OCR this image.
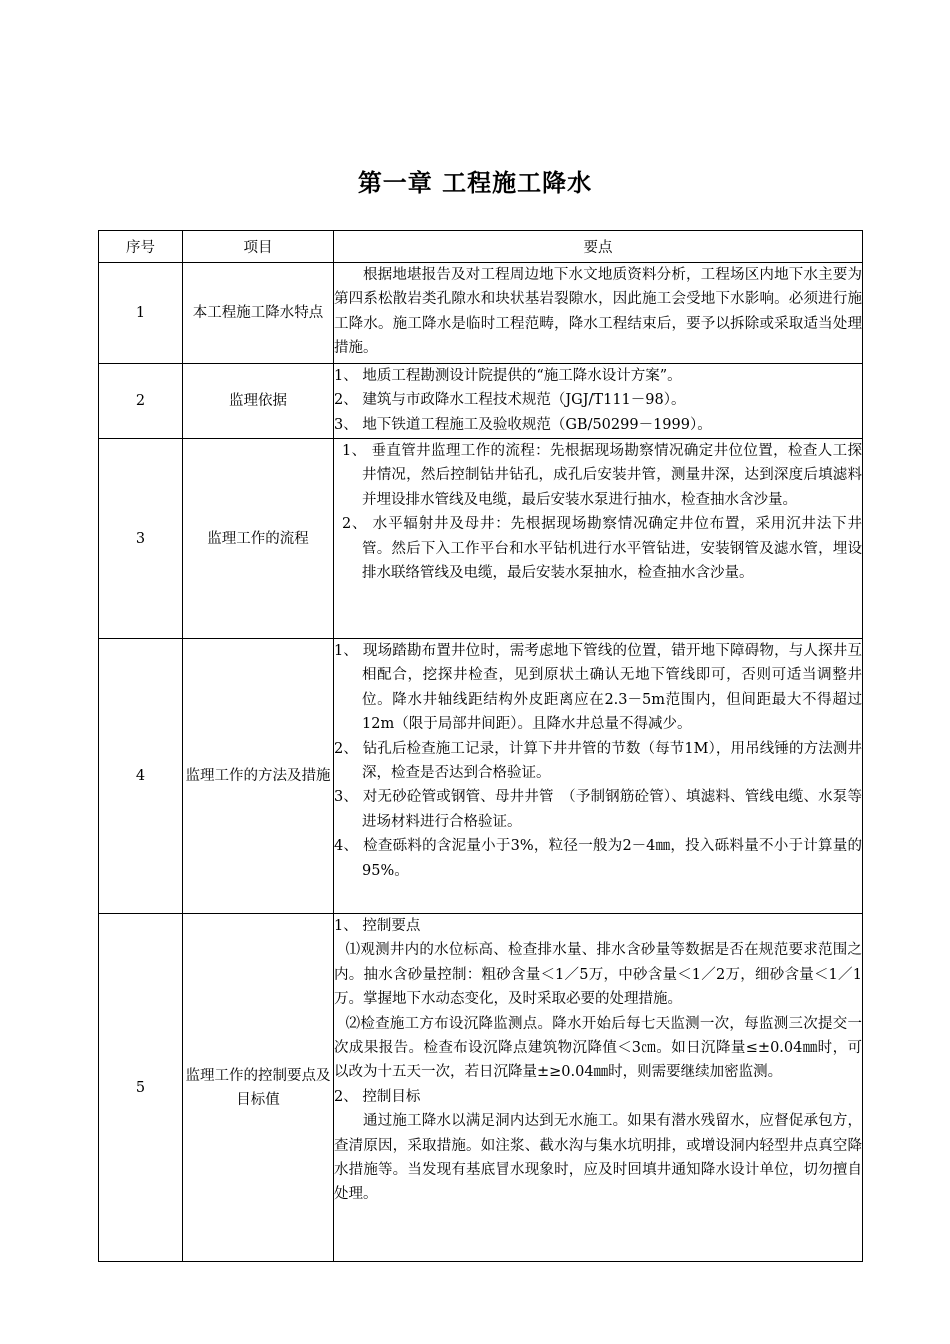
第一章 工程施工降水
序号	项目	要点
1	本工程施工降水特点	根据地堪报告及对工程周边地下水文地质资料分析，工程场区内地下水主要为第四系松散岩类孔隙水和块状基岩裂隙水，因此施工会受地下水影响。必须进行施工降水。施工降水是临时工程范畴，降水工程结束后，要予以拆除或采取适当处理措施。

2	监理依据	1、 地质工程勘测设计院提供的“施工降水设计方案”。

2、 建筑与市政降水工程技术规范（JGJ/T111－98）。

3、 地下铁道工程施工及验收规范（GB/50299－1999）。

3	监理工作的流程	1、 垂直管井监理工作的流程：先根据现场勘察情况确定井位位置，检查人工探井情况，然后控制钻井钻孔，成孔后安装井管，测量井深，达到深度后填滤料并埋设排水管线及电缆，最后安装水泵进行抽水，检查抽水含沙量。

2、 水平辐射井及母井：先根据现场勘察情况确定井位布置，采用沉井法下井管。然后下入工作平台和水平钻机进行水平管钻进，安装钢管及滤水管，埋设排水联络管线及电缆，最后安装水泵抽水，检查抽水含沙量。

4	监理工作的方法及措施	1、 现场踏勘布置井位时，需考虑地下管线的位置，错开地下障碍物，与人探井互相配合，挖探井检查，见到原状土确认无地下管线即可，否则可适当调整井位。降水井轴线距结构外皮距离应在2.3－5m范围内，但间距最大不得超过12m（限于局部井间距）。且降水井总量不得减少。

2、 钻孔后检查施工记录，计算下井井管的节数（每节1M），用吊线锤的方法测井深，检查是否达到合格验证。

3、 对无砂砼管或钢管、母井井管　（予制钢筋砼管）、填滤料、管线电缆、水泵等进场材料进行合格验证。

4、 检查砾料的含泥量小于3%，粒径一般为2－4㎜，投入砾料量不小于计算量的95%。

5	监理工作的控制要点及目标值	1、 控制要点

⑴观测井内的水位标高、检查排水量、排水含砂量等数据是否在规范要求范围之内。抽水含砂量控制：粗砂含量＜1／5万，中砂含量＜1／2万，细砂含量＜1／1万。掌握地下水动态变化，及时采取必要的处理措施。

⑵检查施工方布设沉降监测点。降水开始后每七天监测一次，每监测三次提交一次成果报告。检查布设沉降点建筑物沉降值＜3㎝。如日沉降量≤±0.04㎜时，可以改为十五天一次，若日沉降量±≥0.04㎜时，则需要继续加密监测。

2、 控制目标

通过施工降水以满足洞内达到无水施工。如果有潜水残留水，应督促承包方，查清原因，采取措施。如注浆、截水沟与集水坑明排，或增设洞内轻型井点真空降水措施等。当发现有基底冒水现象时，应及时回填井通知降水设计单位，切勿擅自处理。
